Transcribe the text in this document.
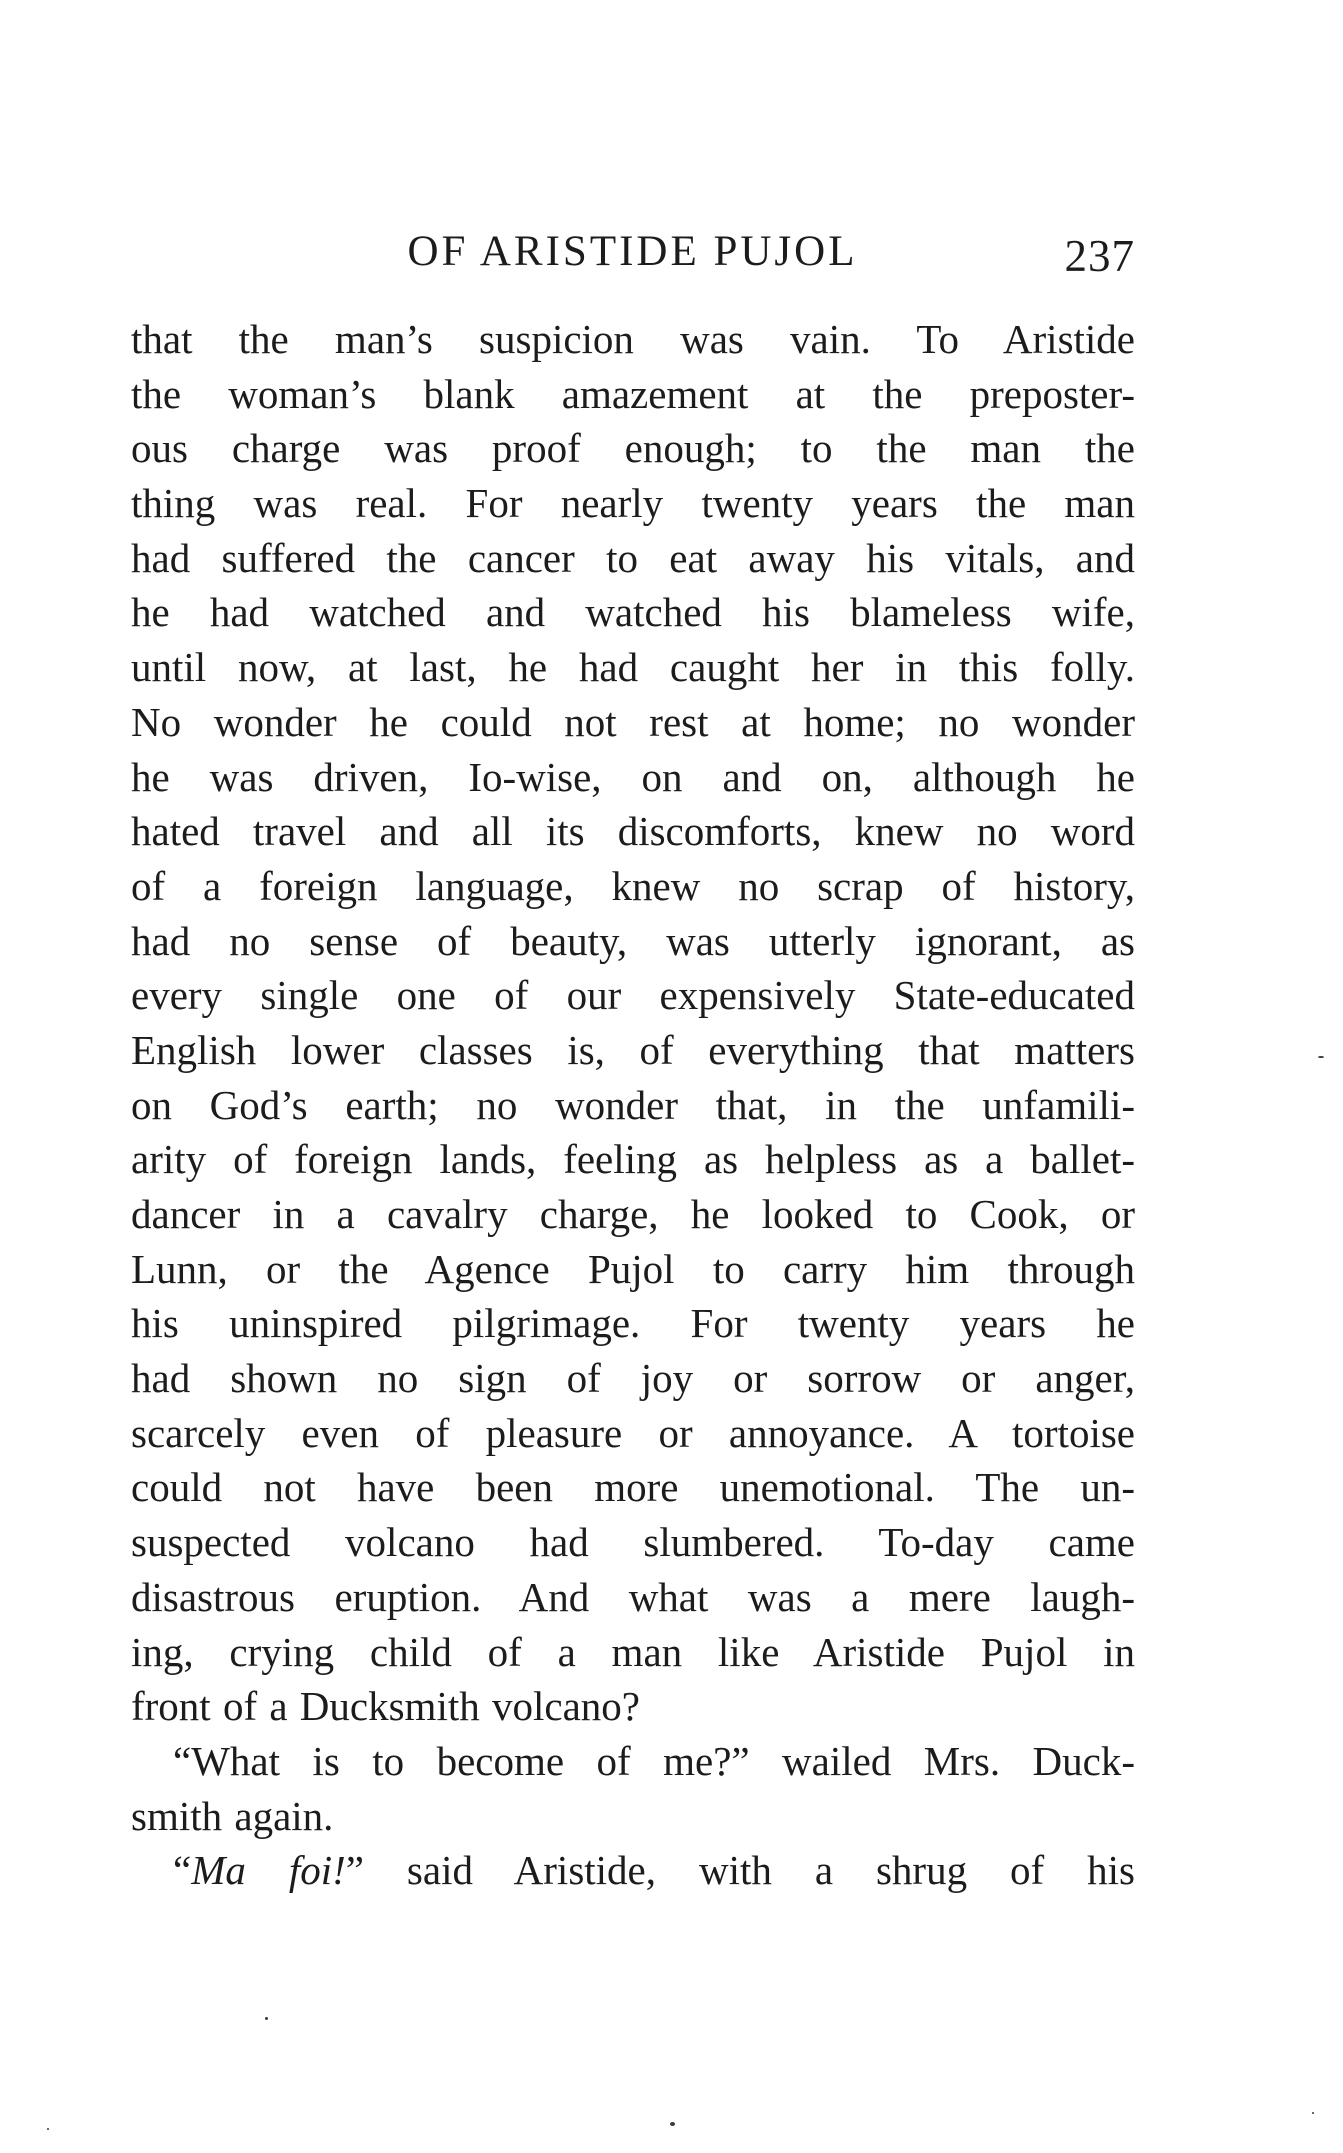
OF ARISTIDE PUJOL	237
that the man’s suspicion was vain. To Aristide
the woman’s blank amazement at the preposter-
ous charge was proof enough; to the man the
thing was real. For nearly twenty years the man
had suffered the cancer to eat away his vitals, and
he had watched and watched his blameless wife,
until now, at last, he had caught her in this folly.
No wonder he could not rest at home; no wonder
he was driven, Io-wise, on and on, although he
hated travel and all its discomforts, knew no word
of a foreign language, knew no scrap of history,
had no sense of beauty, was utterly ignorant, as
every single one of our expensively State-educated
English lower classes is, of everything that matters
on God’s earth; no wonder that, in the unfamili-
arity of foreign lands, feeling as helpless as a ballet-
dancer in a cavalry charge, he looked to Cook, or
Lunn, or the Agence Pujol to carry him through
his uninspired pilgrimage. For twenty years he
had shown no sign of joy or sorrow or anger,
scarcely even of pleasure or annoyance. A tortoise
could not have been more unemotional. The un-
suspected volcano had slumbered. To-day came
disastrous eruption. And what was a mere laugh-
ing, crying child of a man like Aristide Pujol in
front of a Ducksmith volcano?
“What is to become of me?” wailed Mrs. Duck-
smith again.
“Ma foi!” said Aristide, with a shrug of his
